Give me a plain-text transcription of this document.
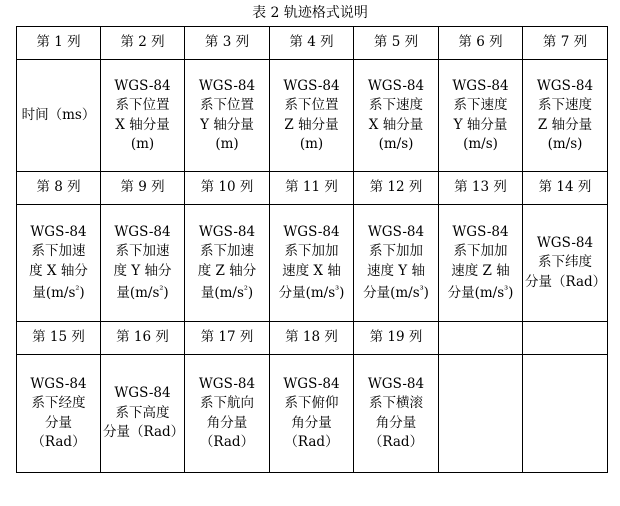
表 2 轨迹格式说明
第 1 列	第 2 列	第 3 列	第 4 列	第 5 列	第 6 列	第 7 列

时间（ms）	WGS-84
系下位置
X 轴分量
(m)	WGS-84
系下位置
Y 轴分量
(m)	WGS-84
系下位置
Z 轴分量
(m)	WGS-84
系下速度
X 轴分量
(m/s)	WGS-84
系下速度
Y 轴分量
(m/s)	WGS-84
系下速度
Z 轴分量
(m/s)

第 8 列	第 9 列	第 10 列	第 11 列	第 12 列	第 13 列	第 14 列

WGS-84
系下加速
度 X 轴分
量$(m/s^{^2})$	WGS-84
系下加速
度 Y 轴分
量$(m/s^{^2})$	WGS-84
系下加速
度 Z 轴分
量$(m/s^{^2})$	WGS-84
系下加加
速度 X 轴
分量$(m/s^{^3})$	WGS-84
系下加加
速度 Y 轴
分量$(m/s^{^3})$	WGS-84
系下加加
速度 Z 轴
分量$(m/s^{^3})$	WGS-84
系下纬度
分量（Rad）

第 15 列	第 16 列	第 17 列	第 18 列	第 19 列		

WGS-84
系下经度
分量
（Rad）	WGS-84
系下高度
分量（Rad）	WGS-84
系下航向
角分量
（Rad）	WGS-84
系下俯仰
角分量
（Rad）	WGS-84
系下横滚
角分量
（Rad）		
